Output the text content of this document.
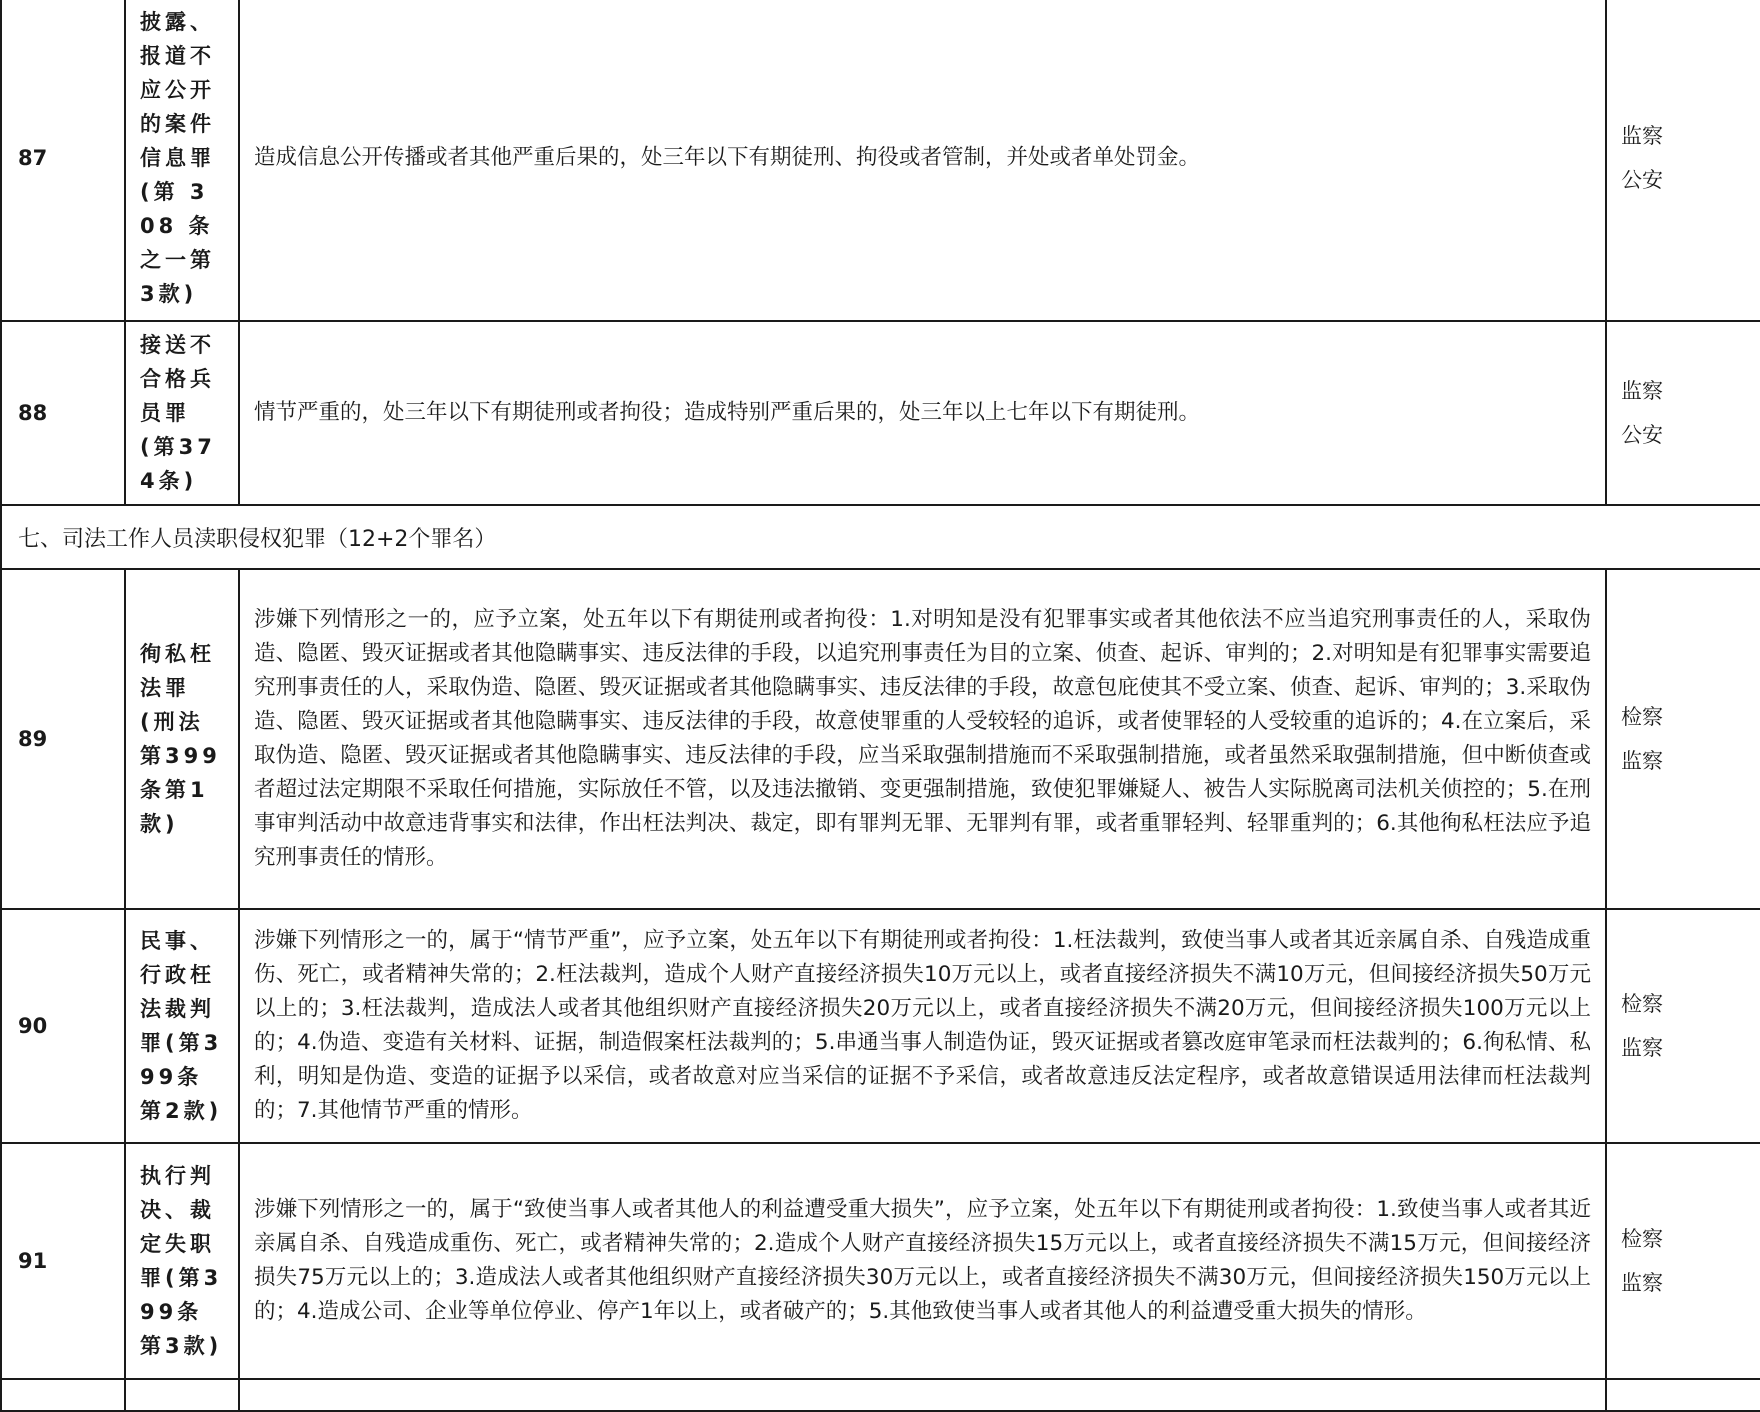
87	披露、报道不应公开的案件信息罪(第 308 条之一第3款)	造成信息公开传播或者其他严重后果的，处三年以下有期徒刑、拘役或者管制，并处或者单处罚金。	监察
公安

88	接送不合格兵员罪(第374条)	情节严重的，处三年以下有期徒刑或者拘役；造成特别严重后果的，处三年以上七年以下有期徒刑。	监察
公安

七、司法工作人员渎职侵权犯罪（12+2个罪名）			
89	徇私枉法罪(刑法第399条第1款)	涉嫌下列情形之一的，应予立案，处五年以下有期徒刑或者拘役：1.对明知是没有犯罪事实或者其他依法不应当追究刑事责任的人，采取伪造、隐匿、毁灭证据或者其他隐瞒事实、违反法律的手段，以追究刑事责任为目的立案、侦查、起诉、审判的；2.对明知是有犯罪事实需要追究刑事责任的人，采取伪造、隐匿、毁灭证据或者其他隐瞒事实、违反法律的手段，故意包庇使其不受立案、侦查、起诉、审判的；3.采取伪造、隐匿、毁灭证据或者其他隐瞒事实、违反法律的手段，故意使罪重的人受较轻的追诉，或者使罪轻的人受较重的追诉的；4.在立案后，采取伪造、隐匿、毁灭证据或者其他隐瞒事实、违反法律的手段，应当采取强制措施而不采取强制措施，或者虽然采取强制措施，但中断侦查或者超过法定期限不采取任何措施，实际放任不管，以及违法撤销、变更强制措施，致使犯罪嫌疑人、被告人实际脱离司法机关侦控的；5.在刑事审判活动中故意违背事实和法律，作出枉法判决、裁定，即有罪判无罪、无罪判有罪，或者重罪轻判、轻罪重判的；6.其他徇私枉法应予追究刑事责任的情形。	检察
监察

90	民事、行政枉法裁判罪(第399条第2款)	涉嫌下列情形之一的，属于“情节严重”，应予立案，处五年以下有期徒刑或者拘役：1.枉法裁判，致使当事人或者其近亲属自杀、自残造成重伤、死亡，或者精神失常的；2.枉法裁判，造成个人财产直接经济损失10万元以上，或者直接经济损失不满10万元，但间接经济损失50万元以上的；3.枉法裁判，造成法人或者其他组织财产直接经济损失20万元以上，或者直接经济损失不满20万元，但间接经济损失100万元以上的；4.伪造、变造有关材料、证据，制造假案枉法裁判的；5.串通当事人制造伪证，毁灭证据或者篡改庭审笔录而枉法裁判的；6.徇私情、私利，明知是伪造、变造的证据予以采信，或者故意对应当采信的证据不予采信，或者故意违反法定程序，或者故意错误适用法律而枉法裁判的；7.其他情节严重的情形。	检察
监察

91	执行判决、裁定失职罪(第399条第3款)	涉嫌下列情形之一的，属于“致使当事人或者其他人的利益遭受重大损失”，应予立案，处五年以下有期徒刑或者拘役：1.致使当事人或者其近亲属自杀、自残造成重伤、死亡，或者精神失常的；2.造成个人财产直接经济损失15万元以上，或者直接经济损失不满15万元，但间接经济损失75万元以上的；3.造成法人或者其他组织财产直接经济损失30万元以上，或者直接经济损失不满30万元，但间接经济损失150万元以上的；4.造成公司、企业等单位停业、停产1年以上，或者破产的；5.其他致使当事人或者其他人的利益遭受重大损失的情形。	检察
监察
